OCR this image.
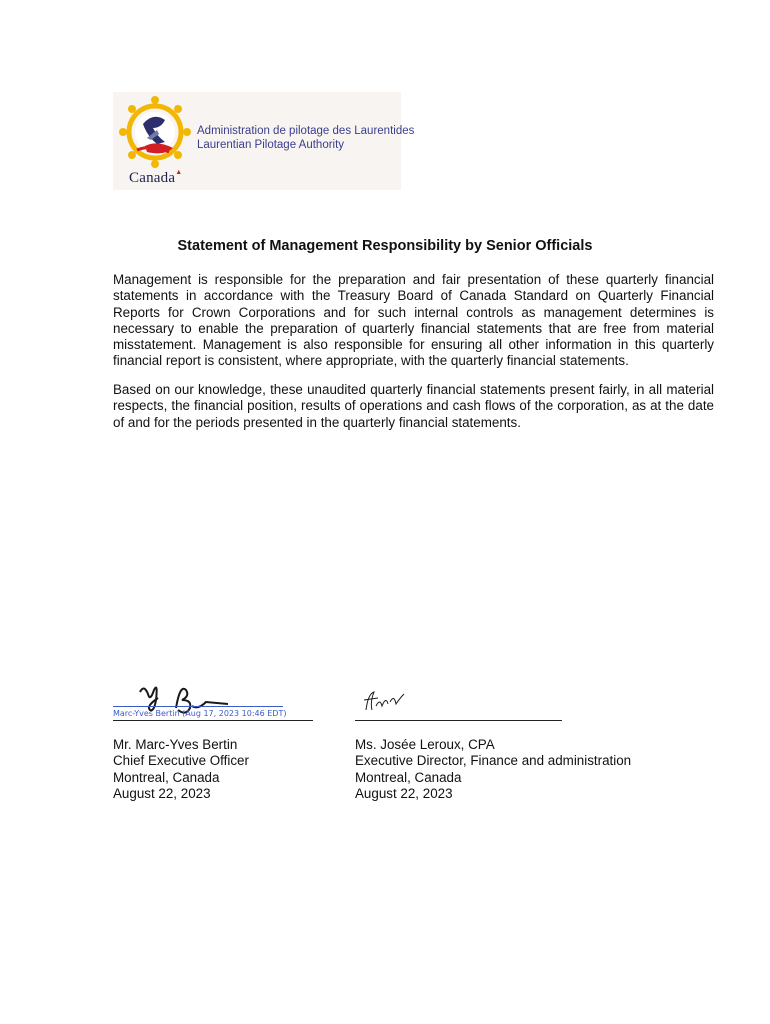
Administration de pilotage des Laurentides
Laurentian Pilotage Authority
Canada▲
Statement of Management Responsibility by Senior Officials
Management is responsible for the preparation and fair presentation of these quarterly financial statements in accordance with the Treasury Board of Canada Standard on Quarterly Financial Reports for Crown Corporations and for such internal controls as management determines is necessary to enable the preparation of quarterly financial statements that are free from material misstatement. Management is also responsible for ensuring all other information in this quarterly financial report is consistent, where appropriate, with the quarterly financial statements.
Based on our knowledge, these unaudited quarterly financial statements present fairly, in all material respects, the financial position, results of operations and cash flows of the corporation, as at the date of and for the periods presented in the quarterly financial statements.
Marc-Yves Bertin (Aug 17, 2023 10:46 EDT)
Mr. Marc-Yves Bertin
Chief Executive Officer
Montreal, Canada
August 22, 2023
Ms. Josée Leroux, CPA
Executive Director, Finance and administration
Montreal, Canada
August 22, 2023
